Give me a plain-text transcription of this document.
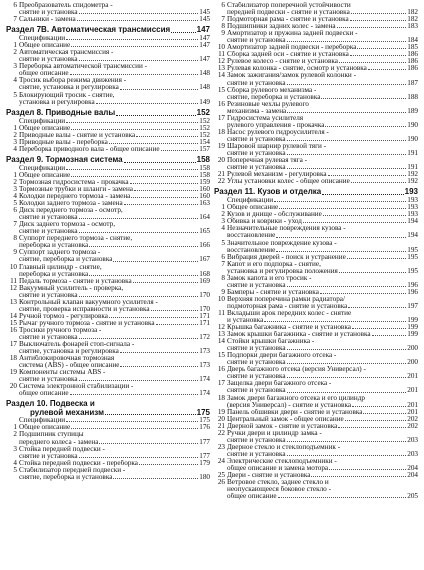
6 Преобразователь спидометра -
снятие и установка	145
7 Сальники - замена	145
Раздел 7В. Автоматическая трансмиссия	147
Спецификации	147
1 Общее описание	147
2 Автоматическая трансмиссия -
снятие и установка	147
3 Переборка автоматической трансмиссии -
общее описание	148
4 Тросик выбора режима движения -
снятие, установка и регулировка	148
5 Блокирующий тросик - снятие,
установка и регулировка	149
Раздел 8. Приводные валы	152
Спецификации	152
1 Общее описание	152
2 Приводные валы - снятие и установка	152
3 Приводные валы - переборка	154
4 Переборка приводного вала - общее описание	157
Раздел 9. Тормозная система	158
Спецификации	158
1 Общее описание	158
2 Тормозная гидросистема - прокачка	159
3 Тормозные трубки и шланги - замена	160
4 Колодки переднего тормоза - замена	160
5 Колодки заднего тормоза - замена	163
6 Диск переднего тормоза - осмотр,
снятие и установка	164
7 Диск заднего тормоза - осмотр,
снятие и установка	165
8 Суппорт переднего тормоза - снятие,
переборка и установка	166
9 Суппорт заднего тормоза -
снятие, переборка и установка	167
10 Главный цилиндр - снятие,
переборка и установка	168
11 Педаль тормоза - снятие и установка	169
12 Вакуумный усилитель - проверка,
снятие и установка	170
13 Контрольный клапан вакуумного усилителя -
снятие, проверка исправности и установка	170
14 Ручной тормоз - регулировка	171
15 Рычаг ручного тормоза - снятие и установка	171
16 Тросики ручного тормоза -
снятие и установка	172
17 Выключатель фонарей стоп-сигнала -
снятие, установка и регулировка	173
18 Антиблокировочная тормозная
система (ABS) - общее описание	173
19 Компоненты системы ABS -
снятие и установка	174
20 Система электронной стабилизации -
общее описание	174
Раздел 10. Подвеска и
рулевой механизм	175
Спецификации	175
1 Общее описание	176
2 Подшипник ступицы
переднего колеса - замена	177
3 Стойка передней подвески -
снятие и установка	177
4 Стойка передней подвески - переборка	179
5 Стабилизатор передней подвески -
снятие, переборка и установка	180
6 Стабилизатор поперечной устойчивости
передней подвески - снятие и установка	182
7 Подмоторная рама - снятие и установка	182
8 Подшипники задних колес - замена	183
9 Амортизатор и пружина задней подвески -
снятие и установка	184
10 Амортизатор задней подвески - переборка	185
11 Сборка задней оси - снятие и установка	186
12 Рулевое колесо - снятие и установка	186
13 Рулевая колонка - снятие, осмотр и установка	186
14 Замок зажигания/замок рулевой колонки -
снятие и установка	187
15 Сборка рулевого механизма -
снятие, переборка и установка	188
16 Резиновые чехлы рулевого
механизма - замена	189
17 Гидросистема усилителя
рулевого управления - прокачка	190
18 Насос рулевого гидроусилителя -
снятие и установка	190
19 Шаровой шарнир рулевой тяги -
снятие и установка	191
20 Поперечная рулевая тяга -
снятие и установка	191
21 Рулевой механизм - регулировка	192
22 Углы установки колес - общее описание	192
Раздел 11. Кузов и отделка	193
Спецификации	193
1 Общее описание	193
2 Кузов и днище - обслуживание	193
3 Обивка и коврики - уход	194
4 Незначительные повреждения кузова -
восстановление	194
5 Значительное повреждение кузова -
восстановление	195
6 Вибрация дверей - поиск и устранение	195
7 Капот и его подпорка - снятие,
установка и регулировка положения	195
8 Замок капота и его тросик -
снятие и установка	196
9 Бамперы - снятие и установка	196
10 Верхняя поперечина рамки радиатора/
подмоторная рама - снятие и установка	197
11 Вкладыши арок передних колес - снятие
и установка	199
12 Крышка багажника - снятие и установка	199
13 Замок крышки багажника - снятие и установка	199
14 Стойки крышки багажника -
снятие и установка	200
15 Подпорки двери багажного отсека -
снятие и установка	200
16 Дверь багажного отсека (версия Универсал) -
снятие и установка	201
17 Защелка двери багажного отсека -
снятие и установка	201
18 Замок двери багажного отсека и его цилиндр
(версия Универсал) - снятие и установка	201
19 Панель обшивки двери - снятие и установка	201
20 Центральный замок - общее описание	202
21 Дверной замок - снятие и установка	202
22 Ручки двери и цилиндр замка -
снятие и установка	203
23 Дверное стекло и стеклоподъемник -
снятие и установка	203
24 Электрические стеклоподъемники -
общее описание и замена мотора	204
25 Двери - снятие и установка	204
26 Ветровое стекло, заднее стекло и
неопускающееся боковое стекло -
общее описание	205
